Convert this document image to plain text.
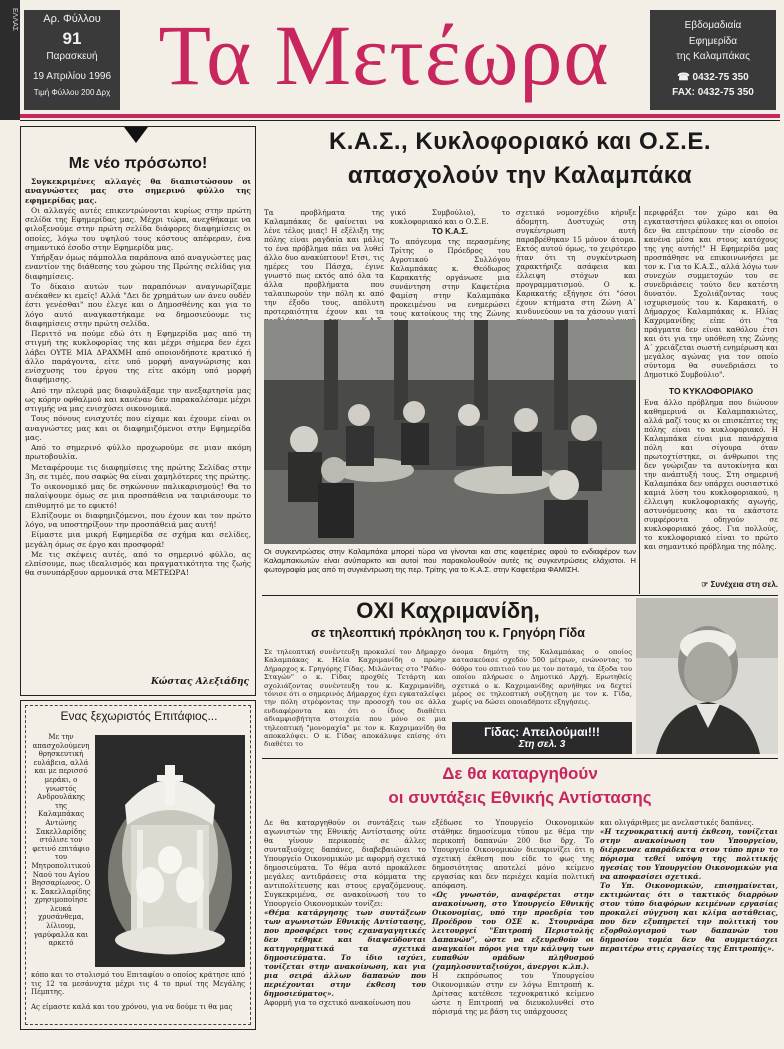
ΕΛΛΑΣ	Αρ. Φύλλου
91
Παρασκευή
19 Απριλίου 1996
Τιμή Φύλλου 200 Δρχ Τα Μετέωρα	Εβδομαδιαία
Εφημερίδα
της Καλαμπάκας
☎ 0432-75 350
FAX: 0432-75 350
Με νέο πρόσωπο!

Συγκεκριμένες αλλαγές θα διαπιστώσουν οι αναγνώστες μας στο σημερινό φύλλο της εφημερίδας μας.

Οι αλλαγές αυτές επικεντρώνονται κυρίως στην πρώτη σελίδα της Εφημερίδας μας. Μέχρι τώρα, ανεχθήκαμε να φιλοξενούμε στην πρώτη σελίδα διάφορες διαφημίσεις οι οποίες, λόγω του υψηλού τους κόστους απέφεραν, ένα σημαντικό έσοδο στην Εφημερίδα μας.

Υπήρξαν όμως πάμπολλα παράπονα από αναγνώστες μας εναντίον της διάθεσης του χώρου της Πρώτης σελίδας για διαφημίσεις.

Το δίκαιο αυτών των παραπόνων αναγνωρίζαμε ανέκαθεν κι εμείς! Αλλά "Δει δε χρημάτων ων άνευ ουδέν έστι γενέσθαι" που έλεγε και ο Δημοσθένης και για το λόγο αυτό αναγκαστήκαμε να δημοσιεύουμε τις διαφημίσεις στην πρώτη σελίδα.

Περιττό να πούμε εδώ ότι η Εφημερίδα μας από τη στιγμή της κυκλοφορίας της και μέχρι σήμερα δεν έχει λάβει ΟΥΤΕ ΜΙΑ ΔΡΑΧΜΗ από οποιονδήποτε κρατικό ή άλλο παράγοντα, είτε υπό μορφή αναγνώρισης και ενίσχυσης του έργου της είτε ακόμη υπό μορφή διαφήμισης.

Από την πλευρά μας διαφυλάξαμε την ανεξαρτησία μας ως κόρην οφθαλμού και κανέναν δεν παρακαλέσαμε μέχρι στιγμής να μας ενισχύσει οικονομικά.

Τους πόνους ενισχυτές που είχαμε και έχουμε είναι οι αναγνώστες μας και οι διαφημιζόμενοι στην Εφημερίδα μας.

Από το σημερινό φύλλο προχωρούμε σε μιαν ακόμη πρωτοβουλία.

Μεταφέρουμε τις διαφημίσεις της πρώτης Σελίδας στην 3η, σε τιμές, που σαφώς θα είναι χαμηλότερες της πρώτης.

Το οικονομικό μας δε σηκώνουν παλικαρισμούς! Θα το παλαίψουμε όμως σε μια προσπάθεια να ταιριάσουμε το επιθυμητό με το εφικτό!

Ελπίζουμε οι διαφημιζόμενοι, που έχουν και τον πρώτο λόγο, να υποστηρίξουν την προσπάθειά μας αυτή!

Είμαστε μια μικρή Εφημερίδα σε σχήμα και σελίδες, μεγάλη όμως σε έργο και προσφορά!

Με τις σκέψεις αυτές, από το σημερινό φύλλο, ας ελπίσουμε, πως ιδεαλισμός και πραγματικότητα της ζωής θα συνυπάρξουν αρμονικά στα ΜΕΤΕΩΡΑ!

Κώστας Αλεξιάδης
Ενας ξεχωριστός Επιτάφιος...
Με την απασχολούμενη θρησκευτική ευλάβεια, αλλά και με περισσό μεράκι, ο γνωστός Ανδρουλάκης της Καλαμπάκας Αντώνης Σακελλαρίδης στόλισε τον φετινό επιτάφιο του Μητροπολιτικού Ναού του Αγίου Βησσαρίωνος. Ο κ. Σακελλαρίδης χρησιμοποίησε λευκά χρυσάνθεμα, λίλιουμ, γαρύφαλλα και αρκετό
κόπο και το στολισμό του Επιταφίου ο οποίος κράτησε από τις 12 τα μεσάνυχτα μέχρι τις 4 το πρωί της Μεγάλης Πέμπτης.
Ας είμαστε καλά και του χρόνου, για να δούμε τι θα μας
Κ.Α.Σ., Κυκλοφοριακό και Ο.Σ.Ε.
απασχολούν την Καλαμπάκα
Τα προβλήματα της Καλαμπάκας δε φαίνεται να λένε τέλος μιας! Η εξέλιξη της πόλης είναι ραγδαία και μάλις το ένα πρόβλημα πάει να λυθεί άλλο δυο ανακύπτουν! Ετσι, τις ημέρες του Πάσχα, έγινε γνωστό πως εκτός από όλα τα άλλα προβλήματα που ταλαιπωρούν την πόλη κι από την έξοδο τους, απόλυτη προτεραιότητα έχουν και τα
γικό Συμβούλιο), το κυκλοφοριακό και ο Ο.Σ.Ε.
ΤΟ Κ.Α.Σ.
Το απόγευμα της περασμένης Τρίτης ο Πρόεδρος του Αγροτικού Συλλόγου Καλαμπάκας κ. Θεόδωρος Καρακατής οργάνωσε μια συνάντηση στην Καφετέρια Φαμίση στην Καλαμπάκα προκειμένου να ενημερώσει τους κατοίκους της της Ζώνης
σχετικό νομοσχέδιο κήρυξε άδομητη. Δυστυχώς στη συγκέντρωση αυτή παραβρέθηκαν 15 μόνον άτομα. Εκτός αυτού όμως, το χειρότερο ήταν ότι τη συγκέντρωση χαρακτήριζε ασάφεια και έλλειψη στόχων και προγραμματισμού. Ο κ. Καρακατής εξήγησε ότι "όσοι έχουν κτήματα στη Ζώνη Α΄ κινδυνεύουν να τα χάσουν γιατί
περιφράξει τον χώρο και θα εγκαταστήσει φύλακες και οι οποίοι δεν θα επιτρέπουν την είσοδο σε κανένα μέσα και στους κατόχους της γης αυτής!" Η Εφημερίδα μας προσπάθησε να επικοινωνήσει με τον κ. Για το Κ.Α.Σ., αλλά λόγω των συνεχών συμμετοχών του σε συνεδριάσεις τούτο δεν κατέστη δυνατόν. Σχολιάζοντας τους ισχυρισμούς του κ. Καρακατή, ο Δήμαρχος Καλαμπάκας κ. Ηλίας Καχριμανίδης είπε ότι "τα πράγματα δεν είναι καθόλου έτσι και ότι για την υπόθεση της Ζώνης Α΄ χρειάζεται σωστή ενημέρωση και μεγάλος αγώνας για τον οποίο σύντομα θα συνεδριάσει το Δημοτικό Συμβούλιο".
ΤΟ ΚΥΚΛΟΦΟΡΙΑΚΟ
Ενα άλλο πρόβλημα που διώνουν καθημερινά οι Καλαμπακιώτες, αλλά μαζί τους κι οι επισκέπτες της πόλης είναι το κυκλοφοριακό. Η Καλαμπάκα είναι μια πανάρχαια πόλη και σίγουρα όταν πρωτοχτίστηκε, οι άνθρωποι της δεν γνώριζαν τα αυτοκίνητα και την ανάπτυξή τους. Στη σημερινή Καλαμπάκα δεν υπάρχει ουσιαστικό καμιά λύση του κυκλοφοριακού, η έλλειψη κυκλοφοριακής αγωγής, αστυνόμευσης και τα εκάστοτε συμφέροντα οδηγούν σε κυκλοφοριακό χάος. Για πολλούς, το κυκλοφοριακό είναι το πρώτο και σημαντικό πρόβλημα της πόλης.
☞ Συνέχεια στη σελ.
Οι συγκεντρώσεις στην Καλαμπάκα μπορεί τώρα να γίνονται και στις καφετέριες αφού το ενδιαφέρον των Καλαμπακιωτών είναι ανύπαρκτο και αυτοί που παρακολουθούν αυτές τις συγκεντρώσεις ελάχιστοι. Η φωτογραφία μας από τη συγκέντρωση της περ. Τρίτης για το Κ.Α.Σ. στην Καφετέρια ΦΑΜΙΣΗ.
ΟΧΙ Καχριμανίδη,
σε τηλεοπτική πρόκληση του κ. Γρηγόρη Γίδα
Σε τηλεοπτική συνέντευξη προκαλεί τον Δήμαρχο Καλαμπάκας κ. Ηλία Καχριμανίδη ο πρώην Δήμαρχος κ. Γρηγόρης Γίδας. Μιλώντας στο "Ράδιο-Σταγών" ο κ. Γίδας προχθές Τετάρτη και σχολιάζοντας συνέντευξη του κ. Καχριμανίδη, τόνισε ότι ο σημερινός Δήμαρχος έχει εγκαταλείψει την πόλη στρέφοντας την προσοχή του σε άλλα ενδιαφέροντα και ότι ο ίδιος διαθέτει αδιαμφισβήτητα στοιχεία που μόνο σε μια τηλεοπτική "μονομαχία" με τον κ. Καχριμανίδη θα αποκαλύψει. Ο κ. Γίδας αποκάλυψε επίσης ότι διαθέτει το
όνομα δημότη της Καλαμπάκας ο οποίος κατασκεύασε σχεδόν 500 μέτρων, ενώνοντας το θόθρο του σπιτιού του με τον ποταμό, τα έξοδα του οποίου πλήρωσε ο Δημοτικό Αρχή. Ερωτηθείς σχετικά ο κ. Καχριμανίδης αρνήθηκε να δεχτεί μέρος σε τηλεοπτική συζήτηση με τον κ. Γίδα, χωρίς να δώσει οποιαδήποτε εξηγήσεις.
Γίδας: Απειλούμαι!!!
Στη σελ. 3
Δε θα καταργηθούν
οι συντάξεις Εθνικής Αντίστασης
Δε θα καταργηθούν οι συντάξεις των αγωνιστών της Εθνικής Αντίστασης ούτε θα γίνουν περικοπές σε άλλες συνταξιούχες δαπάνες, διαβεβαιώνει το Υπουργείο Οικονομικών με αφορμή σχετικά δημοσιεύματα. Το θέμα αυτό προκάλεσε μεγάλες αντιδράσεις στα κόμματα της αντιπολίτευσης και στους εργαζόμενους. Συγκεκριμένα, σε ανακοίνωσή του το Υπουργείο Οικονομικών τονίζει:
«Θέμα κατάργησης των συντάξεων των αγωνιστών Εθνικής Αντίστασης, που προσφέρει τους εχαναγαγητικές δεν τέθηκε και διαψεύδονται κατηγορηματικά τα σχετικά δημοσιεύματα. Το ίδιο ισχύει, τονίζεται στην ανακοίνωση, και για μια σειρά άλλων δαπανών που περιέχονται στην έκθεση του δημοσιεύματος».
Αφορμή για το σχετικό ανακοίνωση που
εξέδωσε το Υπουργείο Οικονομικών στάθηκε δημοσίευμα τύπου με θέμα την περικοπή δαπανών 200 δισ δρχ. Το Υπουργείο Οικονομικών διευκρινίζει ότι η σχετική έκθεση που είδε το φως της δημοσιότητας αποτελεί μόνο κείμενο εργασίας και δεν περιέχει καμία πολιτική απόφαση.
«Ως γνωστόν, αναφέρεται στην ανακοίνωση, στο Υπουργείο Εθνικής Οικονομίας, υπό την προεδρία του Προέδρου του ΟΣΕ κ. Στουρνάρα λειτουργεί "Επιτροπή Περιστολής Δαπανών", ώστε να εξευρεθούν οι αναγκαίοι πόροι για την κάλυψη των ευπαθών ομάδων πληθυσμού (χαμηλοσυνταξιούχοι, άνεργοι κ.λπ.).
Η εκπρόσωπος του Υπουργείου Οικονομικών στην εν λόγω Επιτροπή κ. Δρίτσας κατέθεσε τεχνοκρατικό κείμενο ώστε η Επιτροπή να διευκολυνθεί στο πόρισμά της με βάση τις υπάρχουσες
και ολιγάριθμες με ανελαστικές δαπάνες.
«Η τεχνοκρατική αυτή έκθεση, τονίζεται στην ανακοίνωση του Υπουργείου, διέρρευσε απαράδεκτα στον τύπο πριν το πόρισμα τεθεί υπόψη της πολιτικής ηγεσίας του Υπουργείου Οικονομικών για να αποφασίσει σχετικά.
Το Υπ. Οικονομικών, επισημαίνεται, εκτιμώντας ότι ο τακτικός διαρρόων στον τύπο διαφόρων κειμένων εργασίας προκαλεί σύγχυση και κλίμα αστάθειας, που δεν εξυπηρετεί την πολιτική του εξορθολογισμού των δαπανών του δημοσίου τομέα δεν θα συμμετάσχει περαιτέρω στις εργασίες της Επιτροπής».
